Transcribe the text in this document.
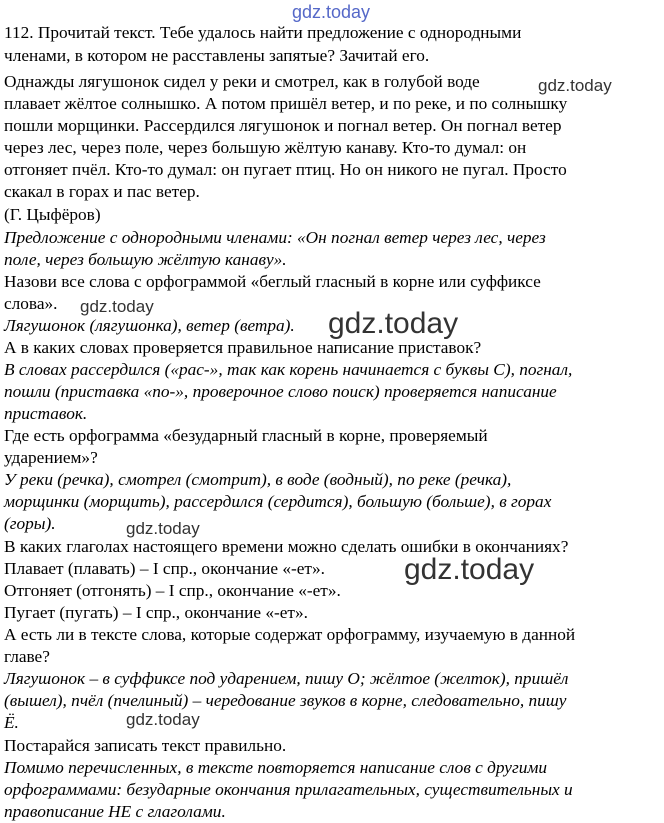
gdz.today
112. Прочитай текст. Тебе удалось найти предложение с однородными
членами, в котором не расставлены запятые? Зачитай его.
Однажды лягушонок сидел у реки и смотрел, как в голубой воде
плавает жёлтое солнышко. А потом пришёл ветер, и по реке, и по солнышку
пошли морщинки. Рассердился лягушонок и погнал ветер. Он погнал ветер
через лес, через поле, через большую жёлтую канаву. Кто-то думал: он
отгоняет пчёл. Кто-то думал: он пугает птиц. Но он никого не пугал. Просто
скакал в горах и пас ветер.
(Г. Цыфёров)
Предложение с однородными членами: «Он погнал ветер через лес, через
поле, через большую жёлтую канаву».
Назови все слова с орфограммой «беглый гласный в корне или суффиксе
слова».
Лягушонок (лягушонка), ветер (ветра).
А в каких словах проверяется правильное написание приставок?
В словах рассердился («рас-», так как корень начинается с буквы С), погнал,
пошли (приставка «по-», проверочное слово поиск) проверяется написание
приставок.
Где есть орфограмма «безударный гласный в корне, проверяемый
ударением»?
У реки (речка), смотрел (смотрит), в воде (водный), по реке (речка),
морщинки (морщить), рассердился (сердится), большую (больше), в горах
(горы).
В каких глаголах настоящего времени можно сделать ошибки в окончаниях?
Плавает (плавать) – I спр., окончание «-ет».
Отгоняет (отгонять) – I спр., окончание «-ет».
Пугает (пугать) – I спр., окончание «-ет».
А есть ли в тексте слова, которые содержат орфограмму, изучаемую в данной
главе?
Лягушонок – в суффиксе под ударением, пишу О; жёлтое (желток), пришёл
(вышел), пчёл (пчелиный) – чередование звуков в корне, следовательно, пишу
Ё.
Постарайся записать текст правильно.
Помимо перечисленных, в тексте повторяется написание слов с другими
орфограммами: безударные окончания прилагательных, существительных и
правописание НЕ с глаголами.
gdz.today
gdz.today
gdz.today
gdz.today
gdz.today
gdz.today
